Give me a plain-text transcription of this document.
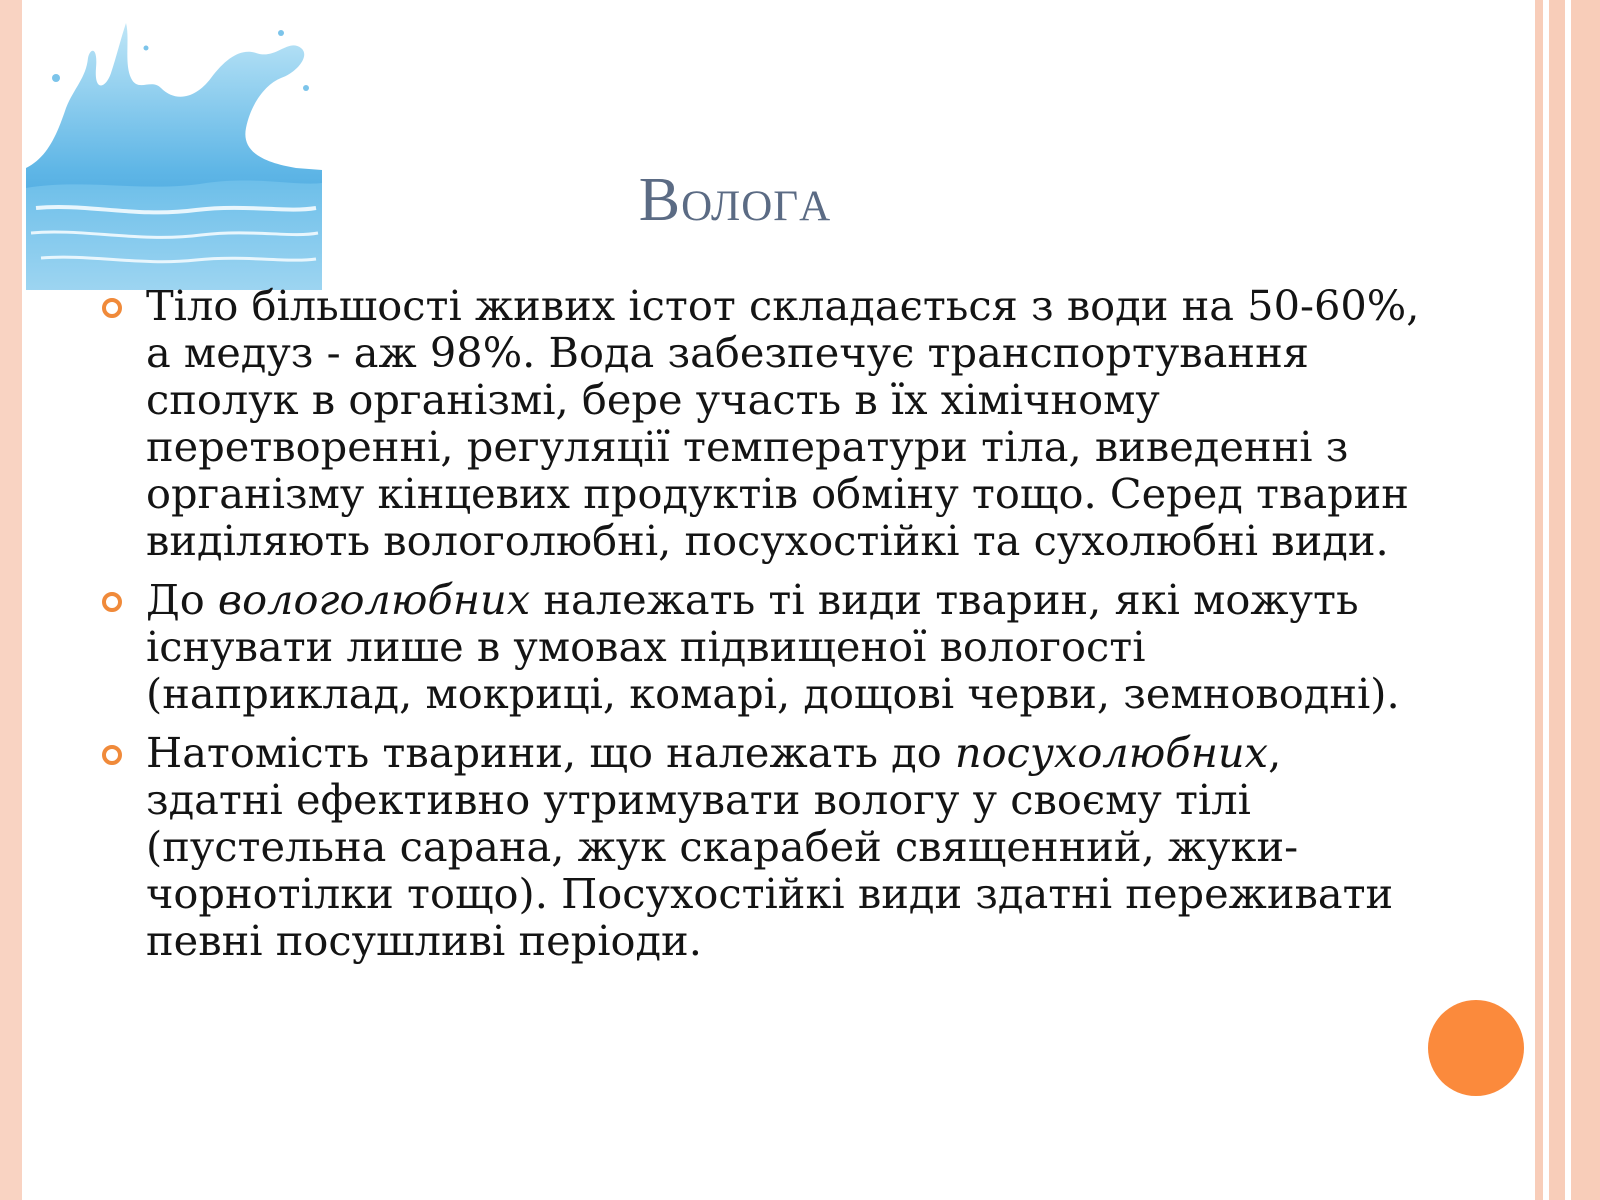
Вологa
Тіло більшості живих істот складається з води на 50-60%, а медуз - аж 98%. Вода забезпечує транспортування сполук в організмі, бере участь в їх хімічному перетворенні, регуляції температури тіла, виведенні з організму кінцевих продуктів обміну тощо. Серед тварин виділяють вологолюбні, посухостійкі та сухолюбні види.
До вологолюбних належать ті види тварин, які можуть існувати лише в умовах підвищеної вологості (наприклад, мокриці, комарі, дощові черви, земноводні).
Натомість тварини, що належать до посухолюбних, здатні ефективно утримувати вологу у своєму тілі (пустельна сарана, жук скарабей священний, жуки-чорнотілки тощо). Посухостійкі види здатні переживати певні посушливі періоди.
